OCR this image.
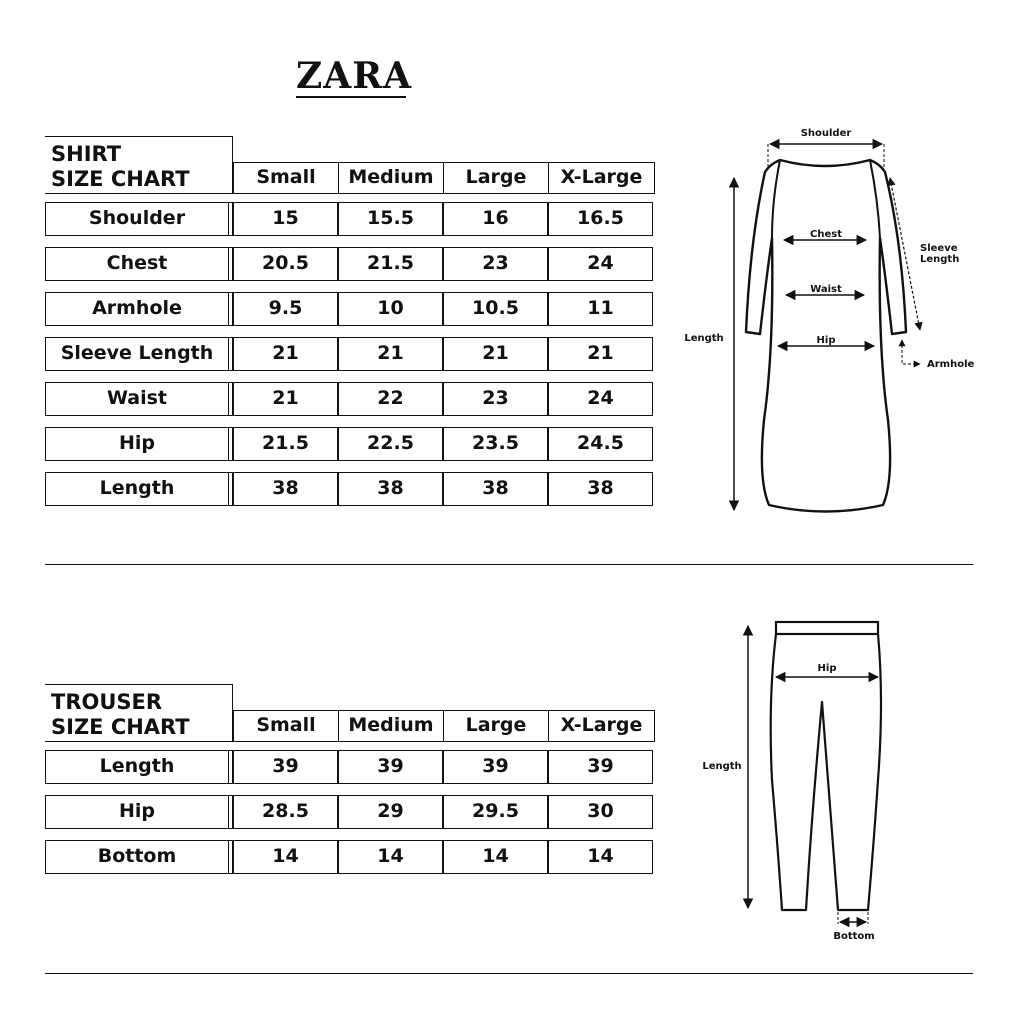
ZARA
SHIRT
SIZE CHART	Small	Medium	Large	X-Large
Shoulder	15	15.5	16	16.5
Chest	20.5	21.5	23	24
Armhole	9.5	10	10.5	11
Sleeve Length	21	21	21	21
Waist	21	22	23	24
Hip	21.5	22.5	23.5	24.5
Length	38	38	38	38
Shoulder
Chest
Waist
Hip
Length
Sleeve
Length
Armhole
TROUSER
SIZE CHART	Small	Medium	Large	X-Large
Length	39	39	39	39
Hip	28.5	29	29.5	30
Bottom	14	14	14	14
Hip
Length
Bottom
